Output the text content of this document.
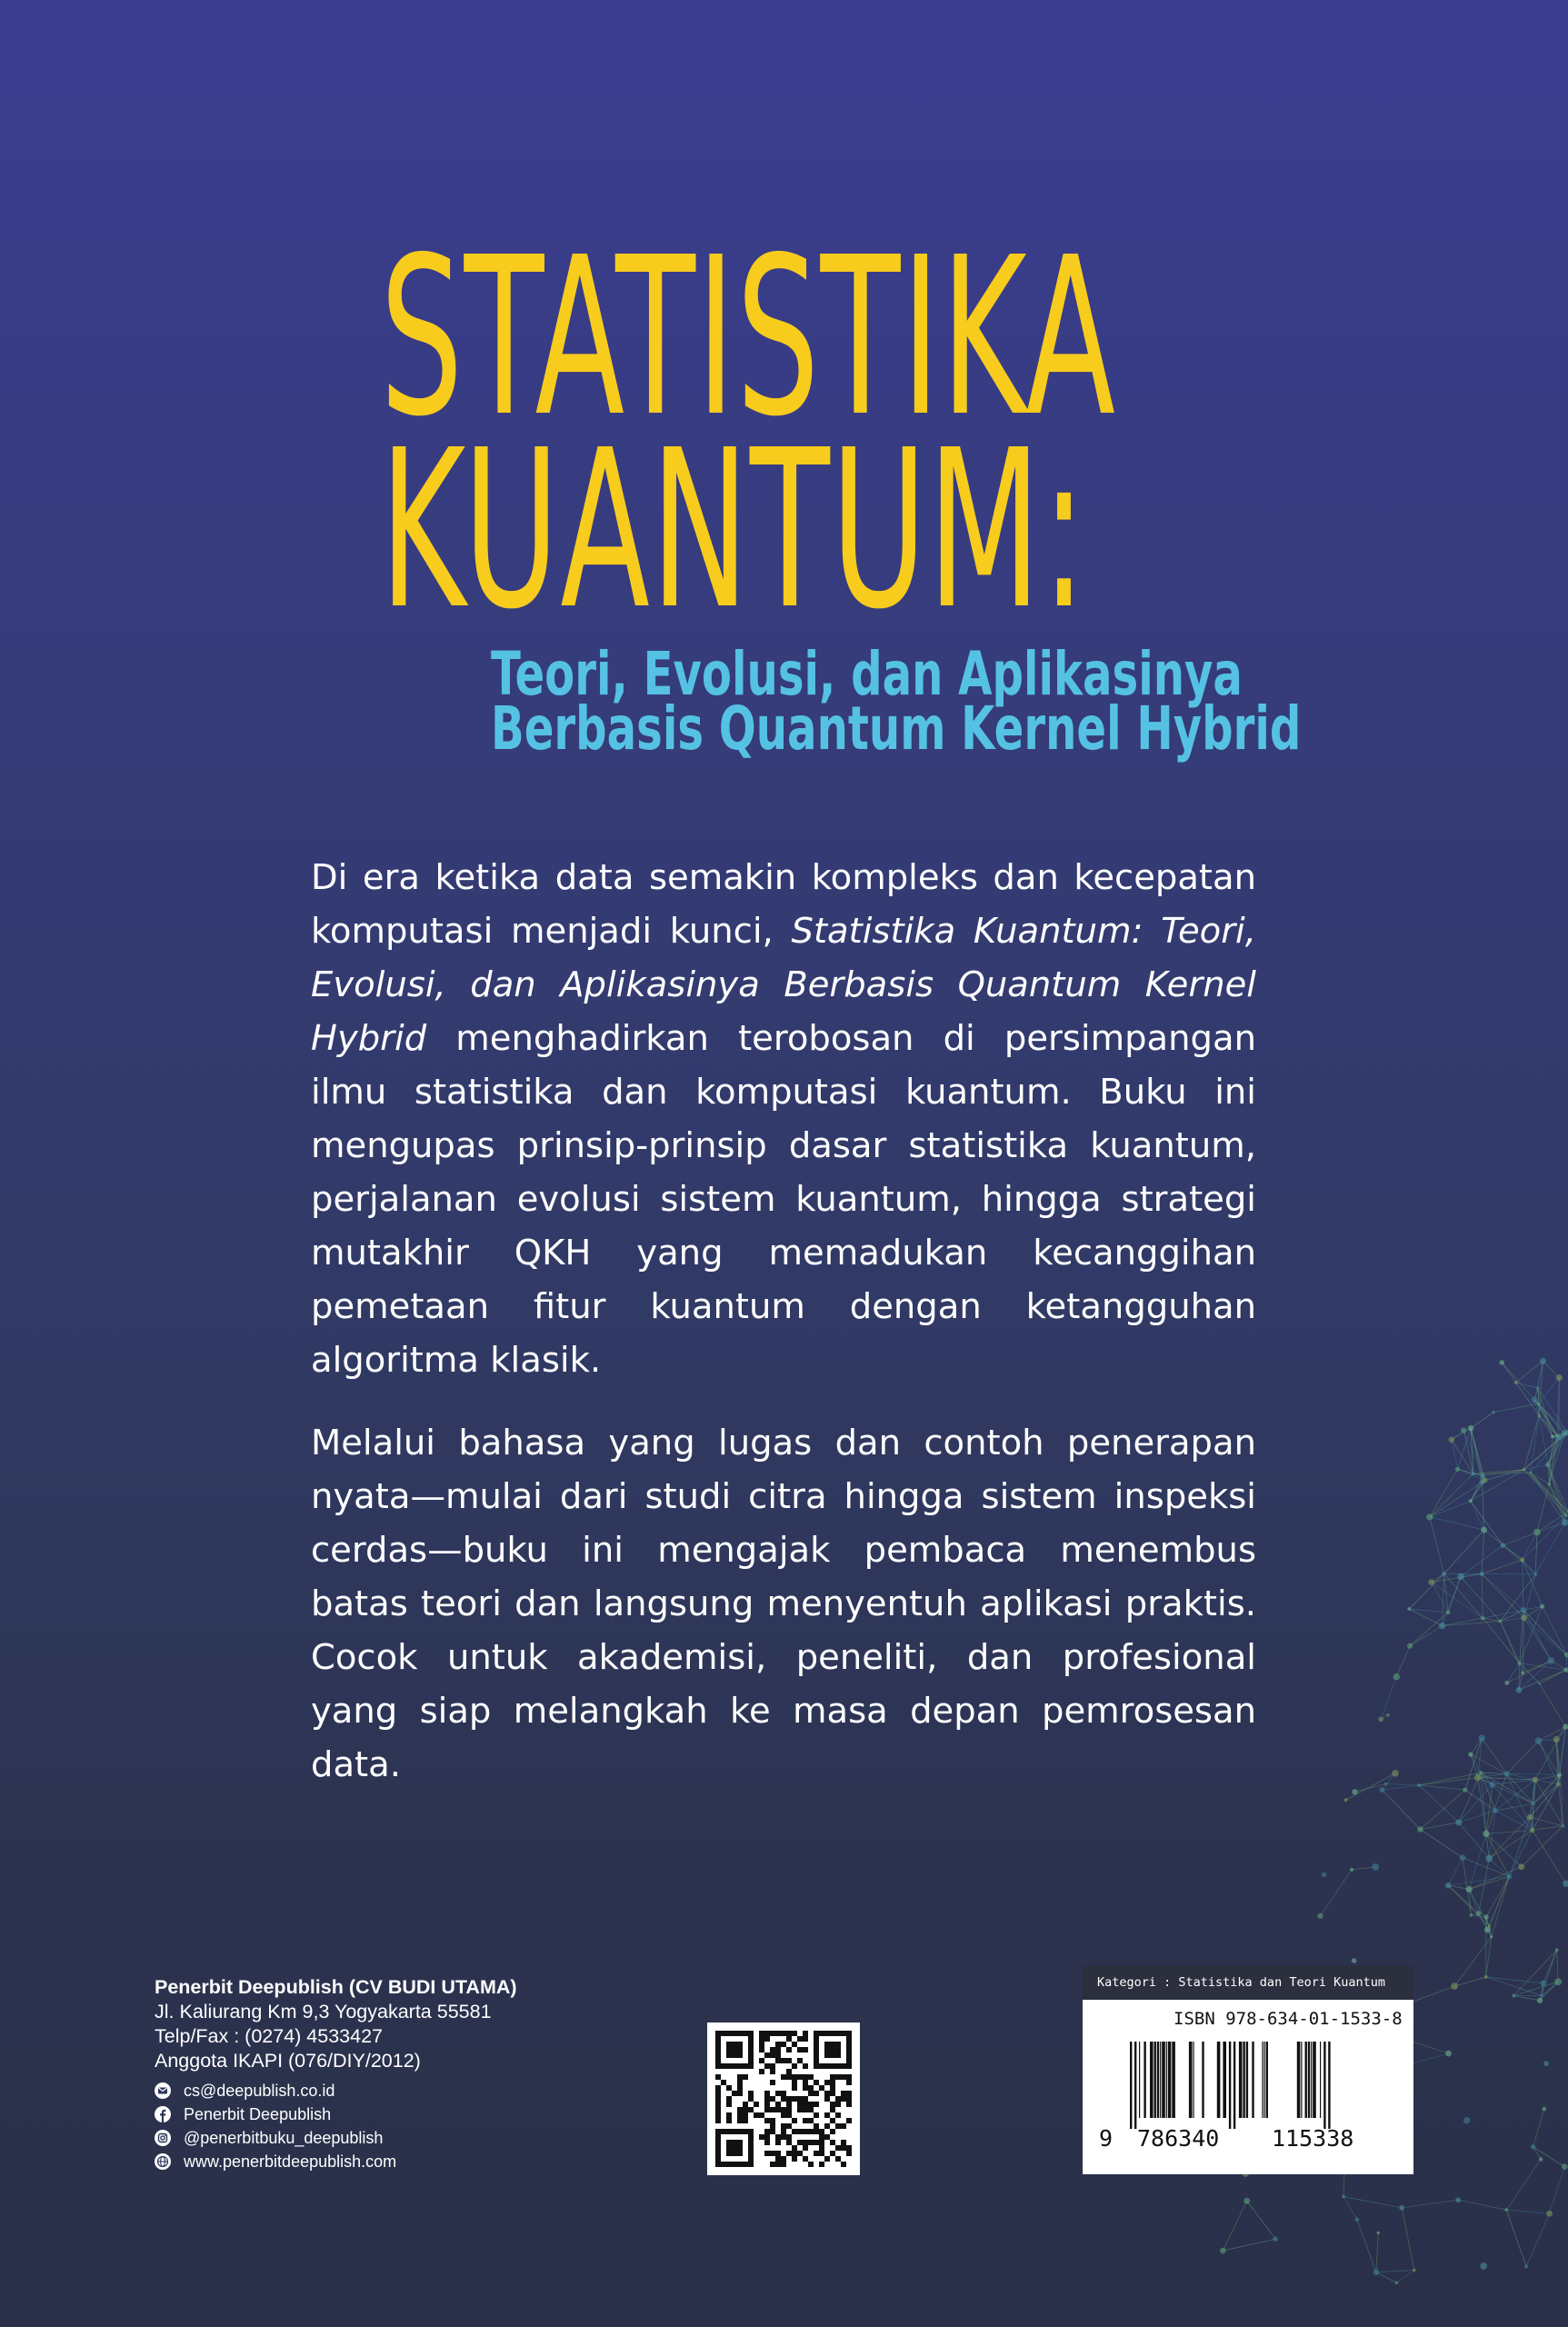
STATISTIKA
KUANTUM:
Teori, Evolusi, dan Aplikasinya
Berbasis Quantum Kernel Hybrid

Di era ketika data semakin kompleks dan kecepatan komputasi menjadi kunci, Statistika Kuantum: Teori, Evolusi, dan Aplikasinya Berbasis Quantum Kernel Hybrid menghadirkan terobosan di persimpangan ilmu statistika dan komputasi kuantum. Buku ini mengupas prinsip-prinsip dasar statistika kuantum, perjalanan evolusi sistem kuantum, hingga strategi mutakhir QKH yang memadukan kecanggihan pemetaan fitur kuantum dengan ketangguhan algoritma klasik.

Melalui bahasa yang lugas dan contoh penerapan nyata—mulai dari studi citra hingga sistem inspeksi cerdas—buku ini mengajak pembaca menembus batas teori dan langsung menyentuh aplikasi praktis. Cocok untuk akademisi, peneliti, dan profesional yang siap melangkah ke masa depan pemrosesan data.

Penerbit Deepublish (CV BUDI UTAMA)
Jl. Kaliurang Km 9,3 Yogyakarta 55581
Telp/Fax : (0274) 4533427
Anggota IKAPI (076/DIY/2012)
cs@deepublish.co.id
Penerbit Deepublish
@penerbitbuku_deepublish
www.penerbitdeepublish.com
Kategori : Statistika dan Teori Kuantum
ISBN 978-634-01-1533-8
9 786340 115338
